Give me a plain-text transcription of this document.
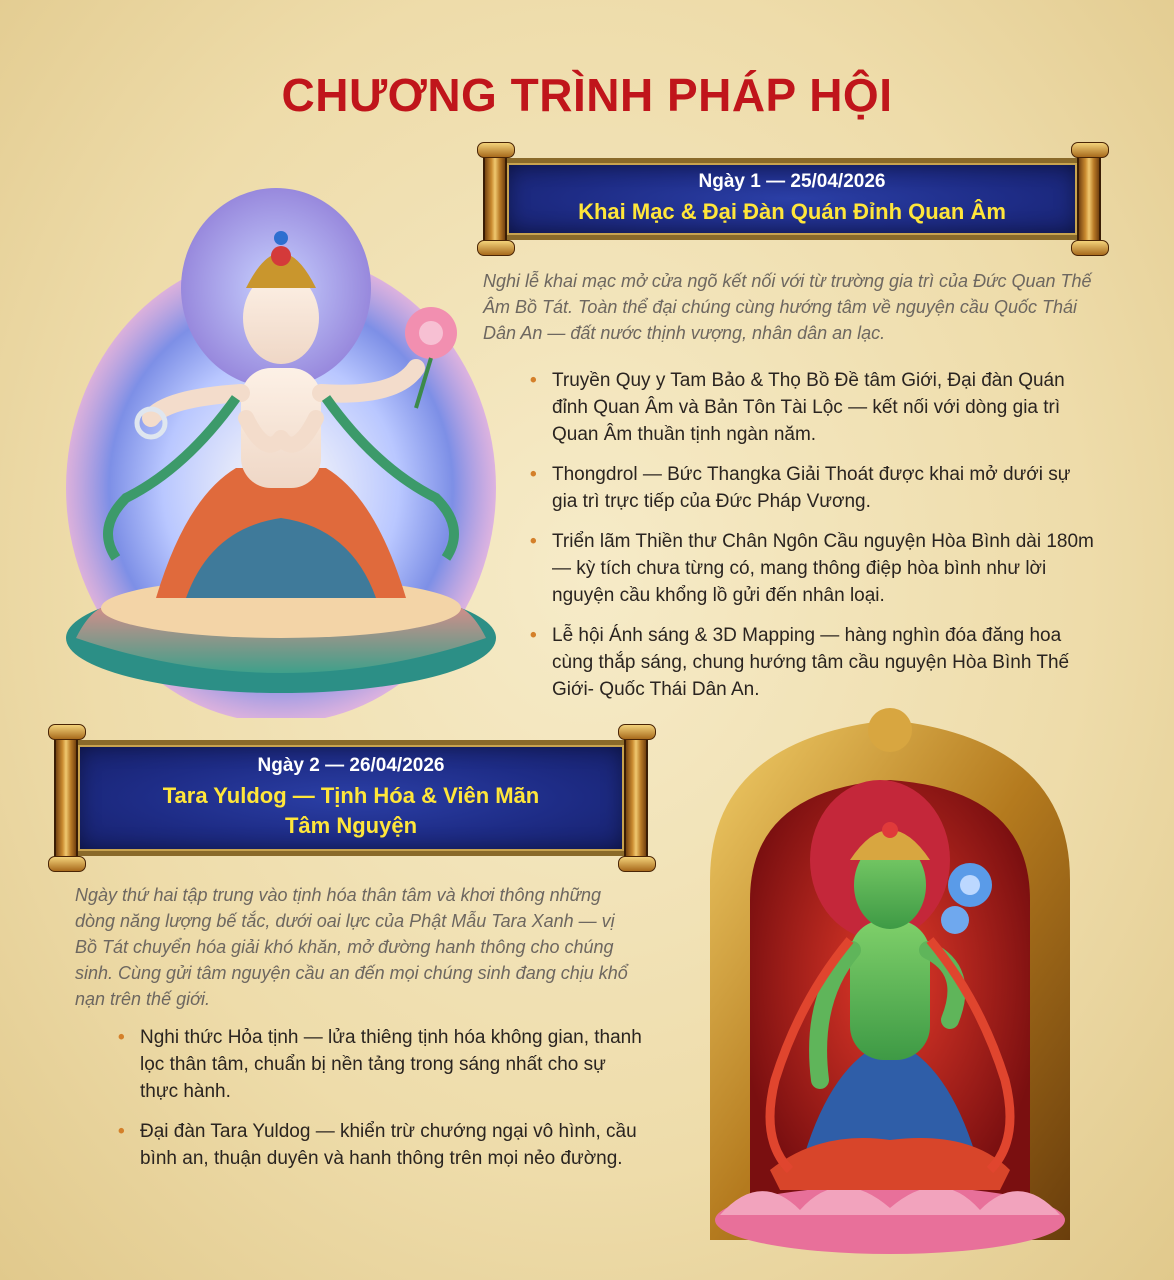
CHƯƠNG TRÌNH PHÁP HỘI
Ngày 1 — 25/04/2026
Khai Mạc & Đại Đàn Quán Đỉnh Quan Âm
Nghi lễ khai mạc mở cửa ngõ kết nối với từ trường gia trì của Đức Quan Thế Âm Bồ Tát. Toàn thể đại chúng cùng hướng tâm về nguyện cầu Quốc Thái Dân An — đất nước thịnh vượng, nhân dân an lạc.
• Truyền Quy y Tam Bảo & Thọ Bồ Đề tâm Giới, Đại đàn Quán đỉnh Quan Âm và Bản Tôn Tài Lộc — kết nối với dòng gia trì Quan Âm thuần tịnh ngàn năm.
• Thongdrol — Bức Thangka Giải Thoát được khai mở dưới sự gia trì trực tiếp của Đức Pháp Vương.
• Triển lãm Thiền thư Chân Ngôn Cầu nguyện Hòa Bình dài 180m — kỳ tích chưa từng có, mang thông điệp hòa bình như lời nguyện cầu khổng lồ gửi đến nhân loại.
• Lễ hội Ánh sáng & 3D Mapping — hàng nghìn đóa đăng hoa cùng thắp sáng, chung hướng tâm cầu nguyện Hòa Bình Thế Giới- Quốc Thái Dân An.
Ngày 2 — 26/04/2026
Tara Yuldog — Tịnh Hóa & Viên Mãn
Tâm Nguyện
Ngày thứ hai tập trung vào tịnh hóa thân tâm và khơi thông những dòng năng lượng bế tắc, dưới oai lực của Phật Mẫu Tara Xanh — vị Bồ Tát chuyển hóa giải khó khăn, mở đường hanh thông cho chúng sinh. Cùng gửi tâm nguyện cầu an đến mọi chúng sinh đang chịu khổ nạn trên thế giới.
• Nghi thức Hỏa tịnh — lửa thiêng tịnh hóa không gian, thanh lọc thân tâm, chuẩn bị nền tảng trong sáng nhất cho sự thực hành.
• Đại đàn Tara Yuldog — khiển trừ chướng ngại vô hình, cầu bình an, thuận duyên và hanh thông trên mọi nẻo đường.
